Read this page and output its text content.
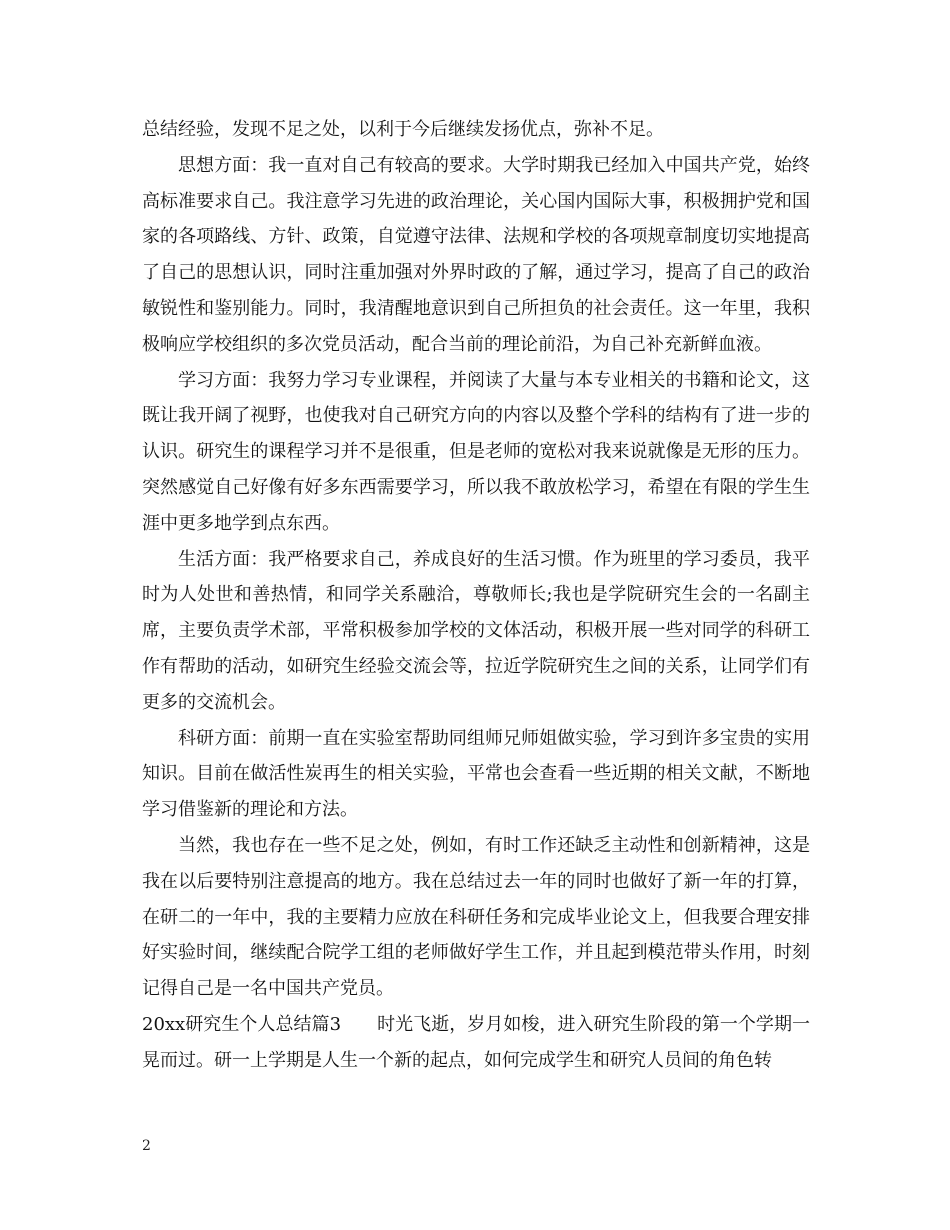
总结经验，发现不足之处，以利于今后继续发扬优点，弥补不足。

思想方面：我一直对自己有较高的要求。大学时期我已经加入中国共产党，始终高标准要求自己。我注意学习先进的政治理论，关心国内国际大事，积极拥护党和国家的各项路线、方针、政策，自觉遵守法律、法规和学校的各项规章制度切实地提高了自己的思想认识，同时注重加强对外界时政的了解，通过学习，提高了自己的政治敏锐性和鉴别能力。同时，我清醒地意识到自己所担负的社会责任。这一年里，我积极响应学校组织的多次党员活动，配合当前的理论前沿，为自己补充新鲜血液。

学习方面：我努力学习专业课程，并阅读了大量与本专业相关的书籍和论文，这既让我开阔了视野，也使我对自己研究方向的内容以及整个学科的结构有了进一步的认识。研究生的课程学习并不是很重，但是老师的宽松对我来说就像是无形的压力。突然感觉自己好像有好多东西需要学习，所以我不敢放松学习，希望在有限的学生生涯中更多地学到点东西。

生活方面：我严格要求自己，养成良好的生活习惯。作为班里的学习委员，我平时为人处世和善热情，和同学关系融洽，尊敬师长;我也是学院研究生会的一名副主席，主要负责学术部，平常积极参加学校的文体活动，积极开展一些对同学的科研工作有帮助的活动，如研究生经验交流会等，拉近学院研究生之间的关系，让同学们有更多的交流机会。

科研方面：前期一直在实验室帮助同组师兄师姐做实验，学习到许多宝贵的实用知识。目前在做活性炭再生的相关实验，平常也会查看一些近期的相关文献，不断地学习借鉴新的理论和方法。

当然，我也存在一些不足之处，例如，有时工作还缺乏主动性和创新精神，这是我在以后要特别注意提高的地方。我在总结过去一年的同时也做好了新一年的打算，在研二的一年中，我的主要精力应放在科研任务和完成毕业论文上，但我要合理安排好实验时间，继续配合院学工组的老师做好学生工作，并且起到模范带头作用，时刻记得自己是一名中国共产党员。

20xx研究生个人总结篇3 时光飞逝，岁月如梭，进入研究生阶段的第一个学期一晃而过。研一上学期是人生一个新的起点，如何完成学生和研究人员间的角色转

2
